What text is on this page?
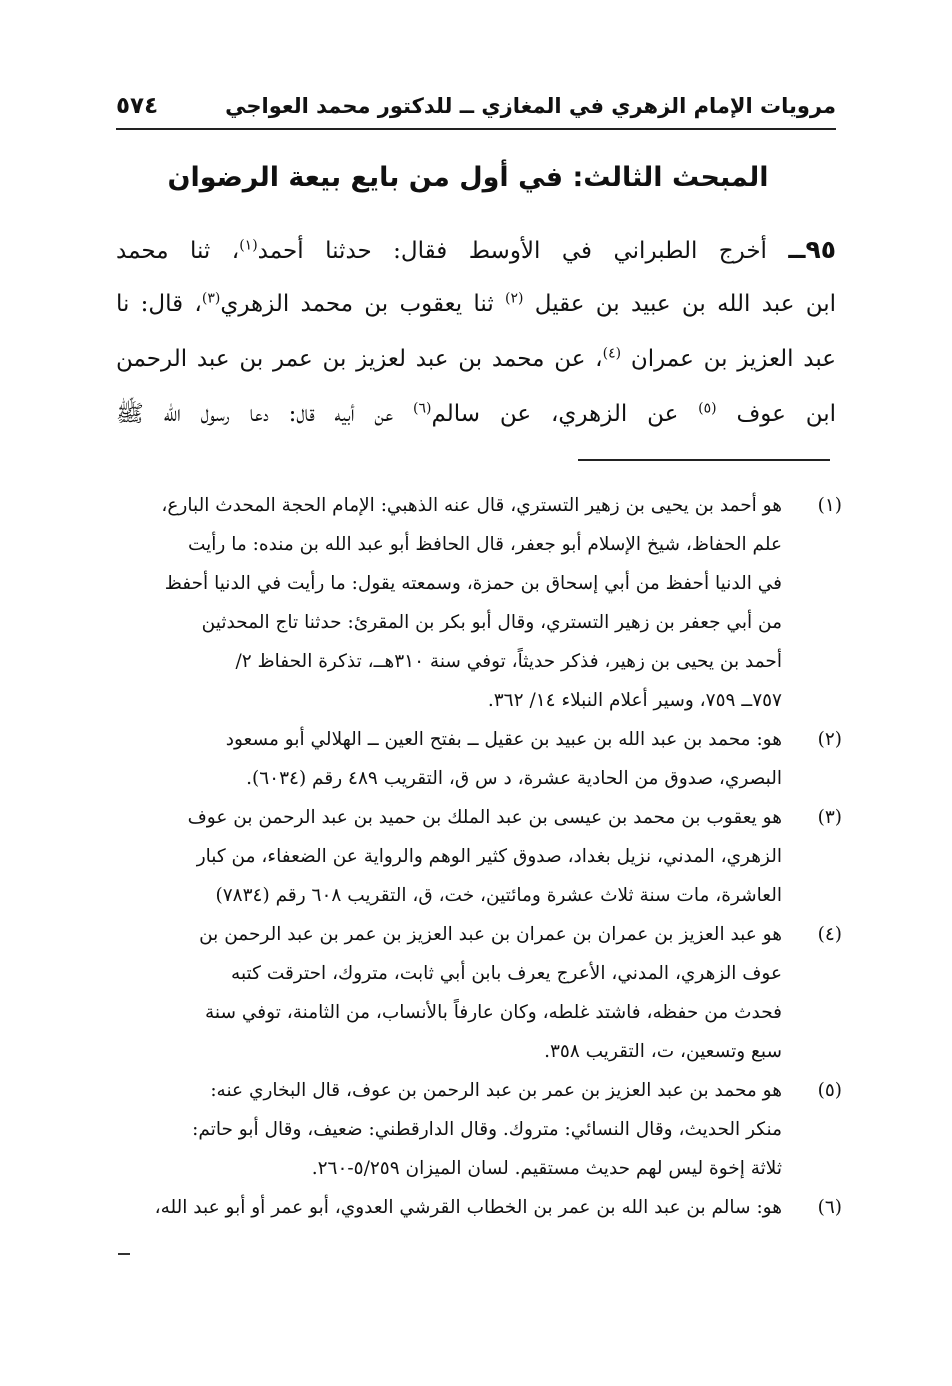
مرويات الإمام الزهري في المغازي ــ للدكتور محمد العواجي
٥٧٤
المبحث الثالث: في أول من بايع بيعة الرضوان
٩٥ــ أخرج الطبراني في الأوسط فقال: حدثنا أحمد$^{(١)}$، ثنا محمد
ابن عبد الله بن عبيد بن عقيل $^{(٢)}$ ثنا يعقوب بن محمد الزهري$^{(٣)}$، قال: نا
عبد العزيز بن عمران $^{(٤)}$، عن محمد بن عبد لعزيز بن عمر بن عبد الرحمن
ابن عوف $^{(٥)}$ عن الزهري، عن سالم$^{(٦)}$ عن أبيه قال: دعا رسول الله ﷺ
(١)
هو أحمد بن يحيى بن زهير التستري، قال عنه الذهبي: الإمام الحجة المحدث البارع،
علم الحفاظ، شيخ الإسلام أبو جعفر، قال الحافظ أبو عبد الله بن منده: ما رأيت
في الدنيا أحفظ من أبي إسحاق بن حمزة، وسمعته يقول: ما رأيت في الدنيا أحفظ
من أبي جعفر بن زهير التستري، وقال أبو بكر بن المقرئ: حدثنا تاج المحدثين
أحمد بن يحيى بن زهير، فذكر حديثاً، توفي سنة ٣١٠هــ، تذكرة الحفاظ ٢/
٧٥٧ــ ٧٥٩، وسير أعلام النبلاء ١٤/ ٣٦٢.
(٢)
هو: محمد بن عبد الله بن عبيد بن عقيل ــ بفتح العين ــ الهلالي أبو مسعود
البصري، صدوق من الحادية عشرة، د س ق، التقريب ٤٨٩ رقم (٦٠٣٤).
(٣)
هو يعقوب بن محمد بن عيسى بن عبد الملك بن حميد بن عبد الرحمن بن عوف
الزهري، المدني، نزيل بغداد، صدوق كثير الوهم والرواية عن الضعفاء، من كبار
العاشرة، مات سنة ثلاث عشرة ومائتين، خت، ق، التقريب ٦٠٨ رقم (٧٨٣٤)
(٤)
هو عبد العزيز بن عمران بن عمران بن عبد العزيز بن عمر بن عبد الرحمن بن
عوف الزهري، المدني، الأعرج يعرف بابن أبي ثابت، متروك، احترقت كتبه
فحدث من حفظه، فاشتد غلطه، وكان عارفاً بالأنساب، من الثامنة، توفي سنة
سبع وتسعين، ت، التقريب ٣٥٨.
(٥)
هو محمد بن عبد العزيز بن عمر بن عبد الرحمن بن عوف، قال البخاري عنه:
منكر الحديث، وقال النسائي: متروك. وقال الدارقطني: ضعيف، وقال أبو حاتم:
ثلاثة إخوة ليس لهم حديث مستقيم. لسان الميزان ٥/٢٥٩-٢٦٠.
(٦)
هو: سالم بن عبد الله بن عمر بن الخطاب القرشي العدوي، أبو عمر أو أبو عبد الله،
